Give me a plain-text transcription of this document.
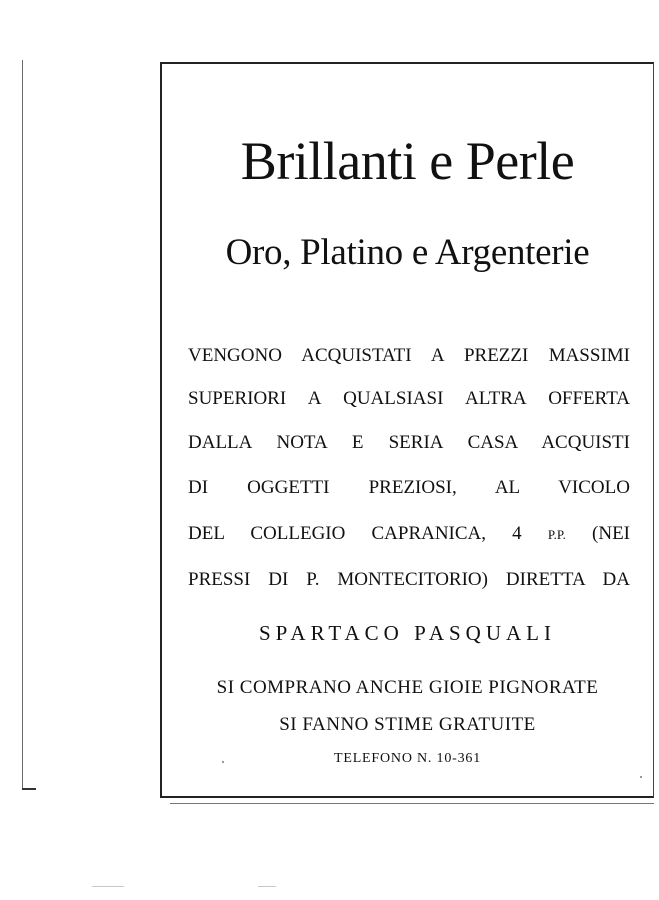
Brillanti e Perle
Oro, Platino e Argenterie
VENGONO ACQUISTATI A PREZZI MASSIMI
SUPERIORI A QUALSIASI ALTRA OFFERTA
DALLA NOTA E SERIA CASA ACQUISTI
DI OGGETTI PREZIOSI, AL VICOLO
DEL COLLEGIO CAPRANICA, 4 P.P. (NEI
PRESSI DI P. MONTECITORIO) DIRETTA DA
SPARTACO PASQUALI
SI COMPRANO ANCHE GIOIE PIGNORATE
SI FANNO STIME GRATUITE
TELEFONO N. 10-361
